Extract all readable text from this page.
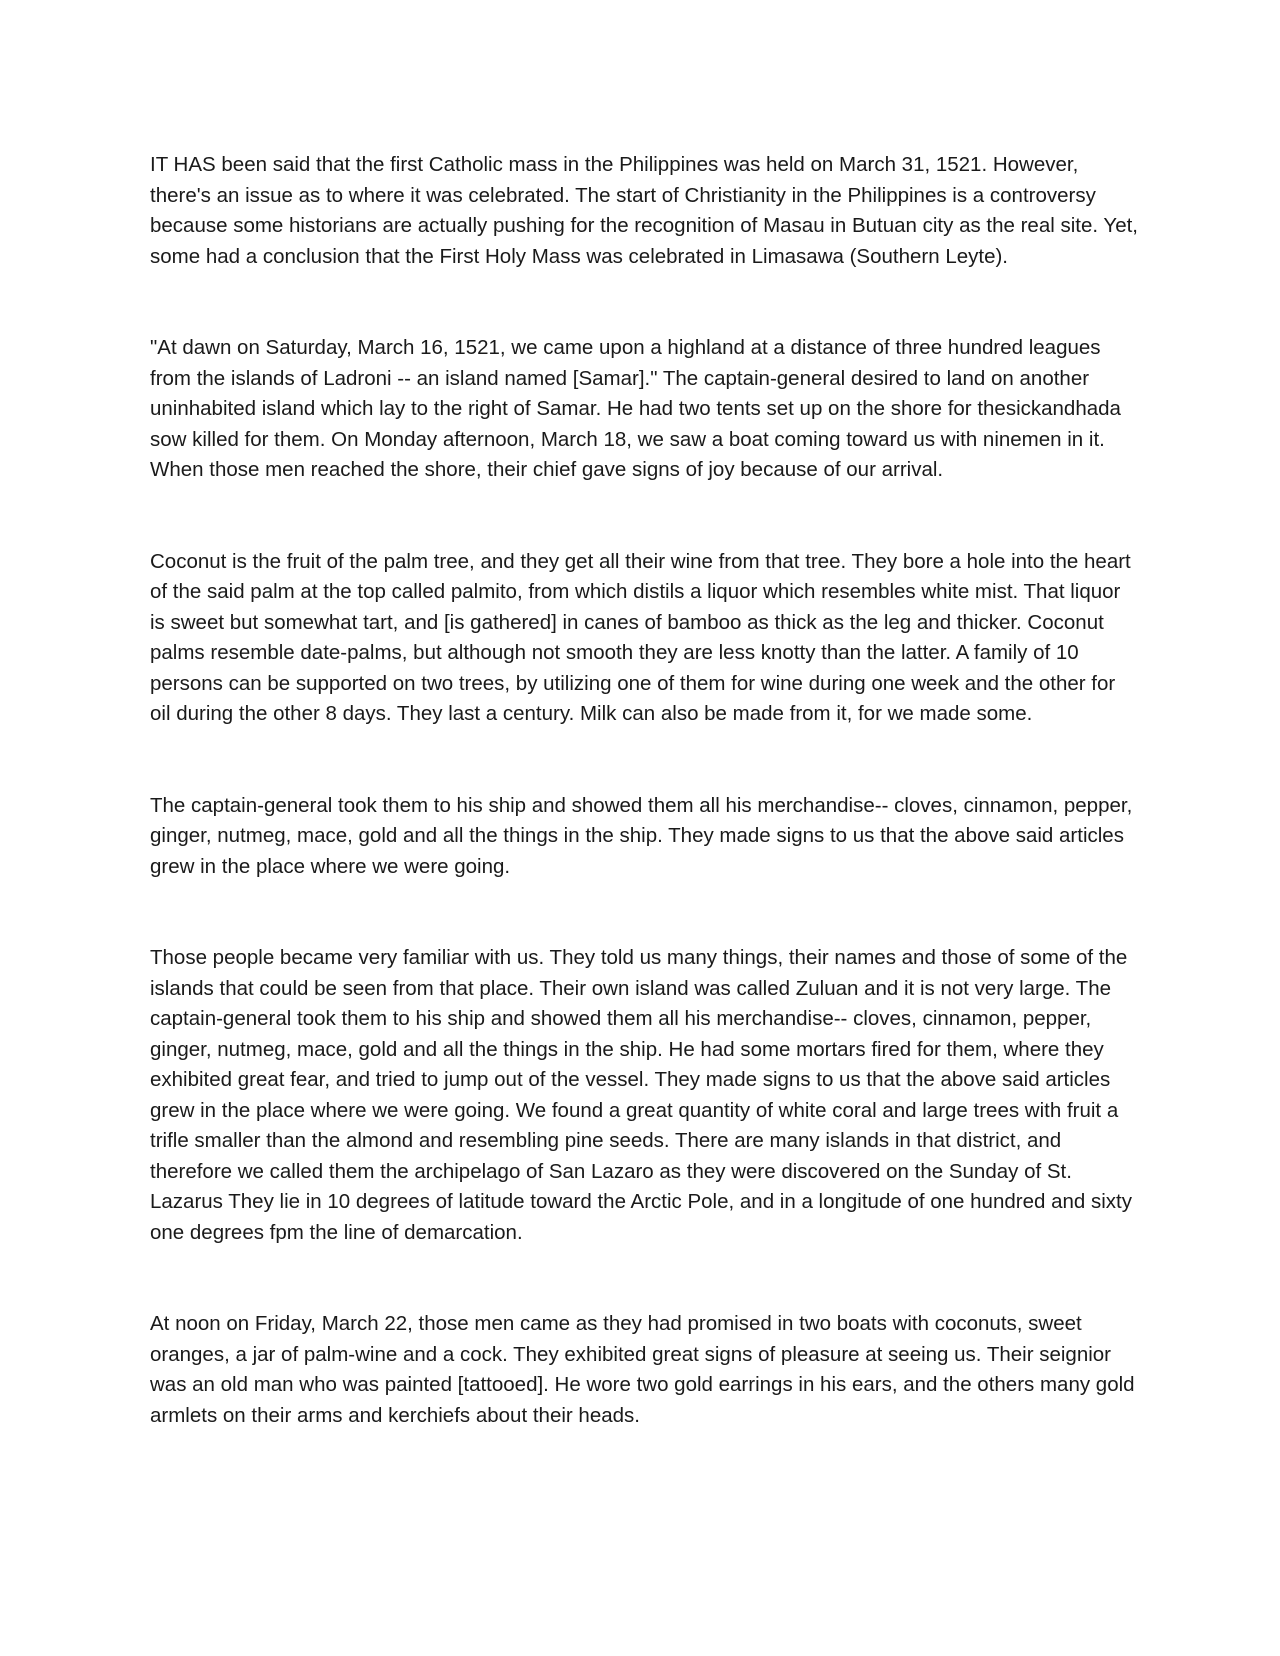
IT HAS been said that the first Catholic mass in the Philippines was held on March 31, 1521. However, there's an issue as to where it was celebrated. The start of Christianity in the Philippines is a controversy because some historians are actually pushing for the recognition of Masau in Butuan city as the real site. Yet, some had a conclusion that the First Holy Mass was celebrated in Limasawa (Southern Leyte).

"At dawn on Saturday, March 16, 1521, we came upon a highland at a distance of three hundred leagues from the islands of Ladroni -- an island named [Samar]." The captain-general desired to land on another uninhabited island which lay to the right of Samar. He had two tents set up on the shore for thesickandhada sow killed for them. On Monday afternoon, March 18, we saw a boat coming toward us with ninemen in it. When those men reached the shore, their chief gave signs of joy because of our arrival.

Coconut is the fruit of the palm tree, and they get all their wine from that tree. They bore a hole into the heart of the said palm at the top called palmito, from which distils a liquor which resembles white mist. That liquor is sweet but somewhat tart, and [is gathered] in canes of bamboo as thick as the leg and thicker. Coconut palms resemble date-palms, but although not smooth they are less knotty than the latter. A family of 10 persons can be supported on two trees, by utilizing one of them for wine during one week and the other for oil during the other 8 days. They last a century. Milk can also be made from it, for we made some.

The captain-general took them to his ship and showed them all his merchandise-- cloves, cinnamon, pepper, ginger, nutmeg, mace, gold and all the things in the ship. They made signs to us that the above said articles grew in the place where we were going.

Those people became very familiar with us. They told us many things, their names and those of some of the islands that could be seen from that place. Their own island was called Zuluan and it is not very large. The captain-general took them to his ship and showed them all his merchandise-- cloves, cinnamon, pepper, ginger, nutmeg, mace, gold and all the things in the ship. He had some mortars fired for them, where they exhibited great fear, and tried to jump out of the vessel. They made signs to us that the above said articles grew in the place where we were going. We found a great quantity of white coral and large trees with fruit a trifle smaller than the almond and resembling pine seeds. There are many islands in that district, and therefore we called them the archipelago of San Lazaro as they were discovered on the Sunday of St. Lazarus They lie in 10 degrees of latitude toward the Arctic Pole, and in a longitude of one hundred and sixty one degrees fpm the line of demarcation.

At noon on Friday, March 22, those men came as they had promised in two boats with coconuts, sweet oranges, a jar of palm-wine and a cock. They exhibited great signs of pleasure at seeing us. Their seignior was an old man who was painted [tattooed]. He wore two gold earrings in his ears, and the others many gold armlets on their arms and kerchiefs about their heads.
